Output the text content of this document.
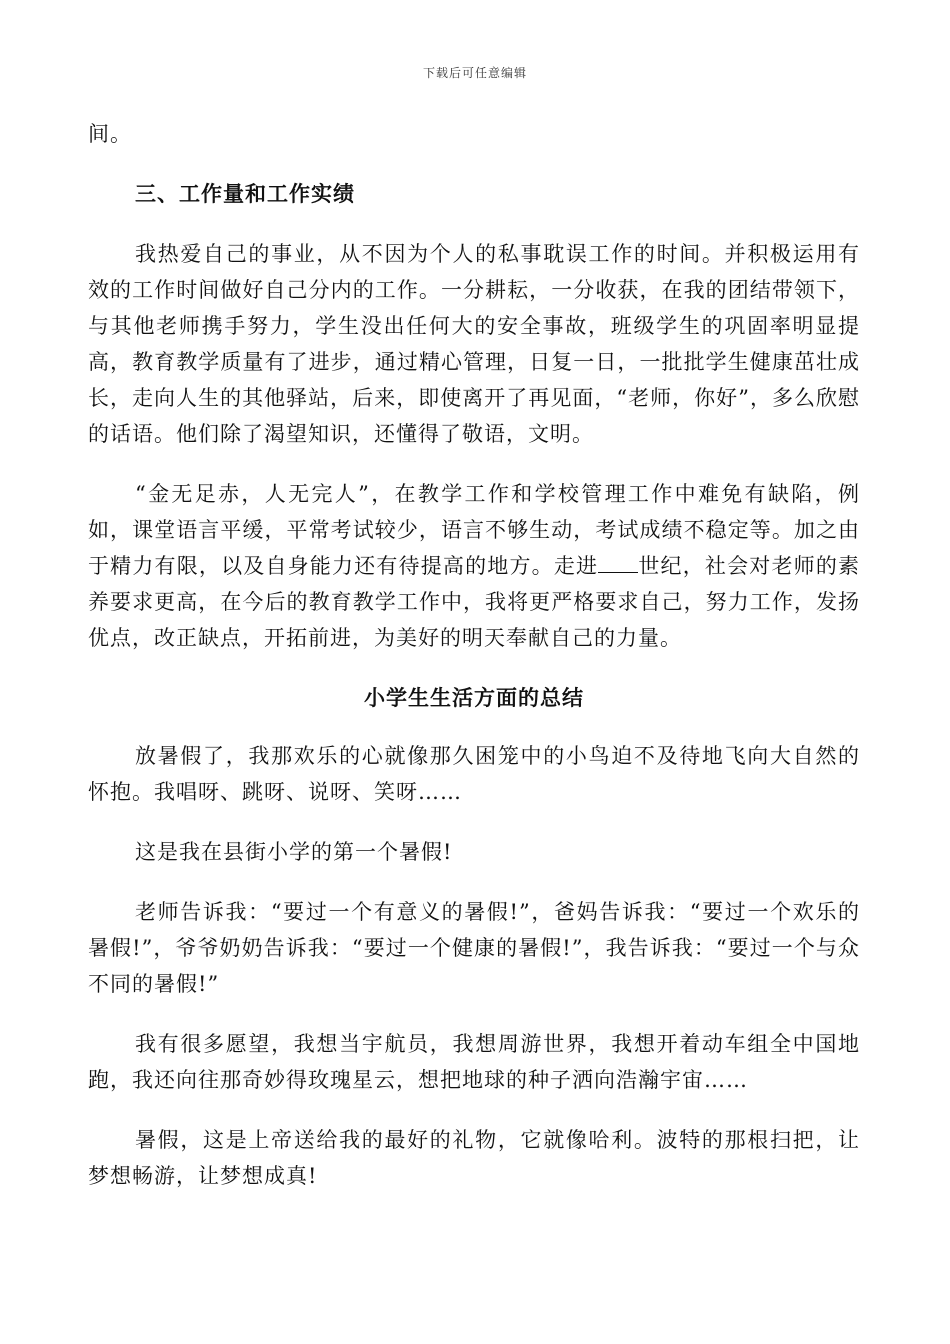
下载后可任意编辑

间。

三、工作量和工作实绩

我热爱自己的事业，从不因为个人的私事耽误工作的时间。并积极运用有效的工作时间做好自己分内的工作。一分耕耘，一分收获，在我的团结带领下，与其他老师携手努力，学生没出任何大的安全事故，班级学生的巩固率明显提高，教育教学质量有了进步，通过精心管理，日复一日，一批批学生健康茁壮成长，走向人生的其他驿站，后来，即使离开了再见面，“老师，你好”，多么欣慰的话语。他们除了渴望知识，还懂得了敬语，文明。

“金无足赤，人无完人”，在教学工作和学校管理工作中难免有缺陷，例如，课堂语言平缓，平常考试较少，语言不够生动，考试成绩不稳定等。加之由于精力有限，以及自身能力还有待提高的地方。走进 世纪，社会对老师的素养要求更高，在今后的教育教学工作中，我将更严格要求自己，努力工作，发扬优点，改正缺点，开拓前进，为美好的明天奉献自己的力量。

小学生生活方面的总结

放暑假了，我那欢乐的心就像那久困笼中的小鸟迫不及待地飞向大自然的怀抱。我唱呀、跳呀、说呀、笑呀……

这是我在县街小学的第一个暑假!

老师告诉我：“要过一个有意义的暑假!”，爸妈告诉我：“要过一个欢乐的暑假!”，爷爷奶奶告诉我：“要过一个健康的暑假!”，我告诉我：“要过一个与众不同的暑假!”

我有很多愿望，我想当宇航员，我想周游世界，我想开着动车组全中国地跑，我还向往那奇妙得玫瑰星云，想把地球的种子洒向浩瀚宇宙……

暑假，这是上帝送给我的最好的礼物，它就像哈利。波特的那根扫把，让梦想畅游，让梦想成真!
